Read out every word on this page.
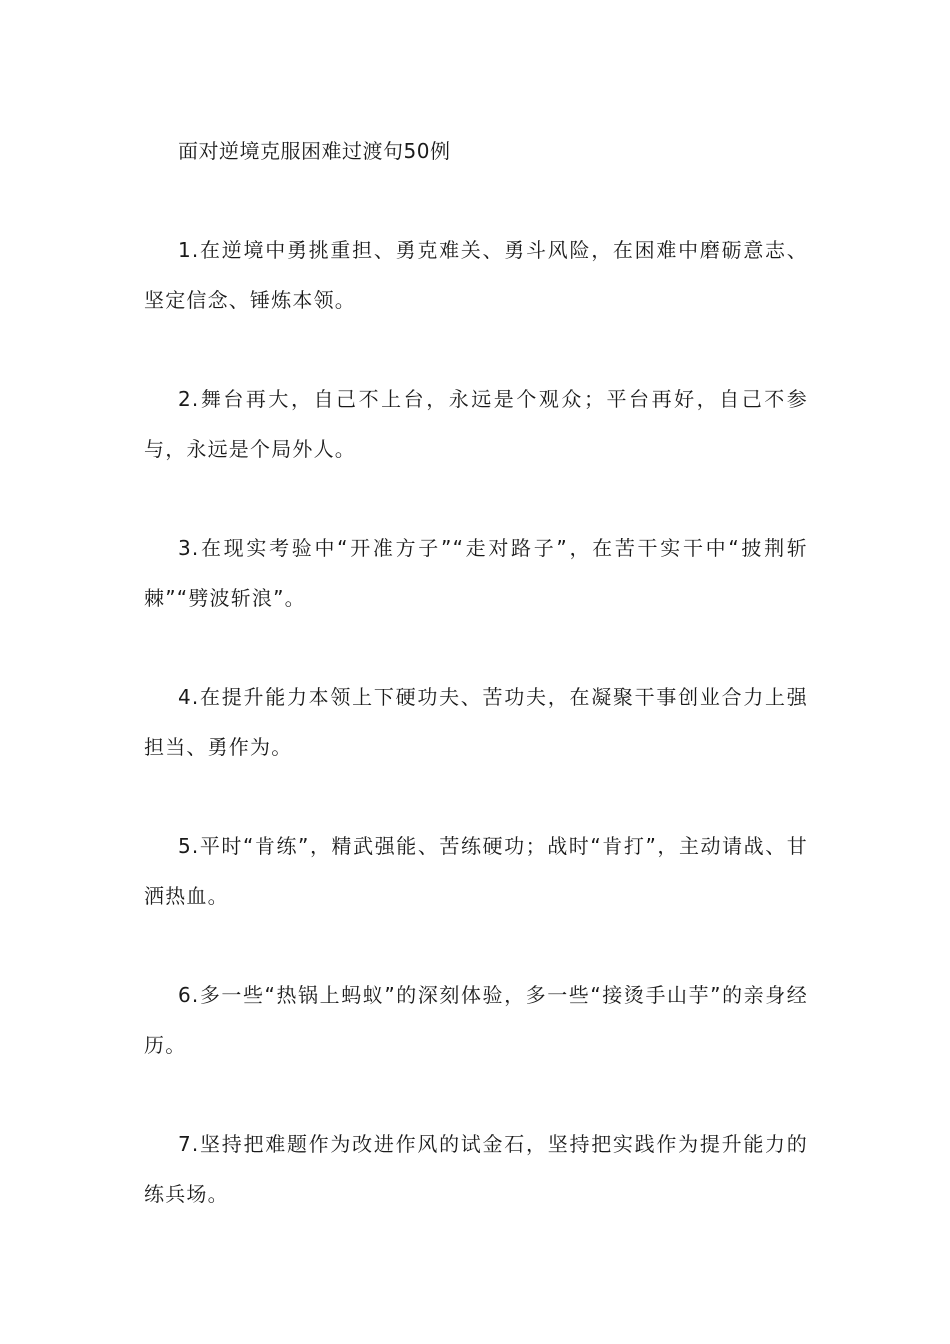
面对逆境克服困难过渡句50例

1.在逆境中勇挑重担、勇克难关、勇斗风险，在困难中磨砺意志、坚定信念、锤炼本领。

2.舞台再大，自己不上台，永远是个观众；平台再好，自己不参与，永远是个局外人。

3.在现实考验中“开准方子”“走对路子”，在苦干实干中“披荆斩棘”“劈波斩浪”。

4.在提升能力本领上下硬功夫、苦功夫，在凝聚干事创业合力上强担当、勇作为。

5.平时“肯练”，精武强能、苦练硬功；战时“肯打”，主动请战、甘洒热血。

6.多一些“热锅上蚂蚁”的深刻体验，多一些“接烫手山芋”的亲身经历。

7.坚持把难题作为改进作风的试金石，坚持把实践作为提升能力的练兵场。
